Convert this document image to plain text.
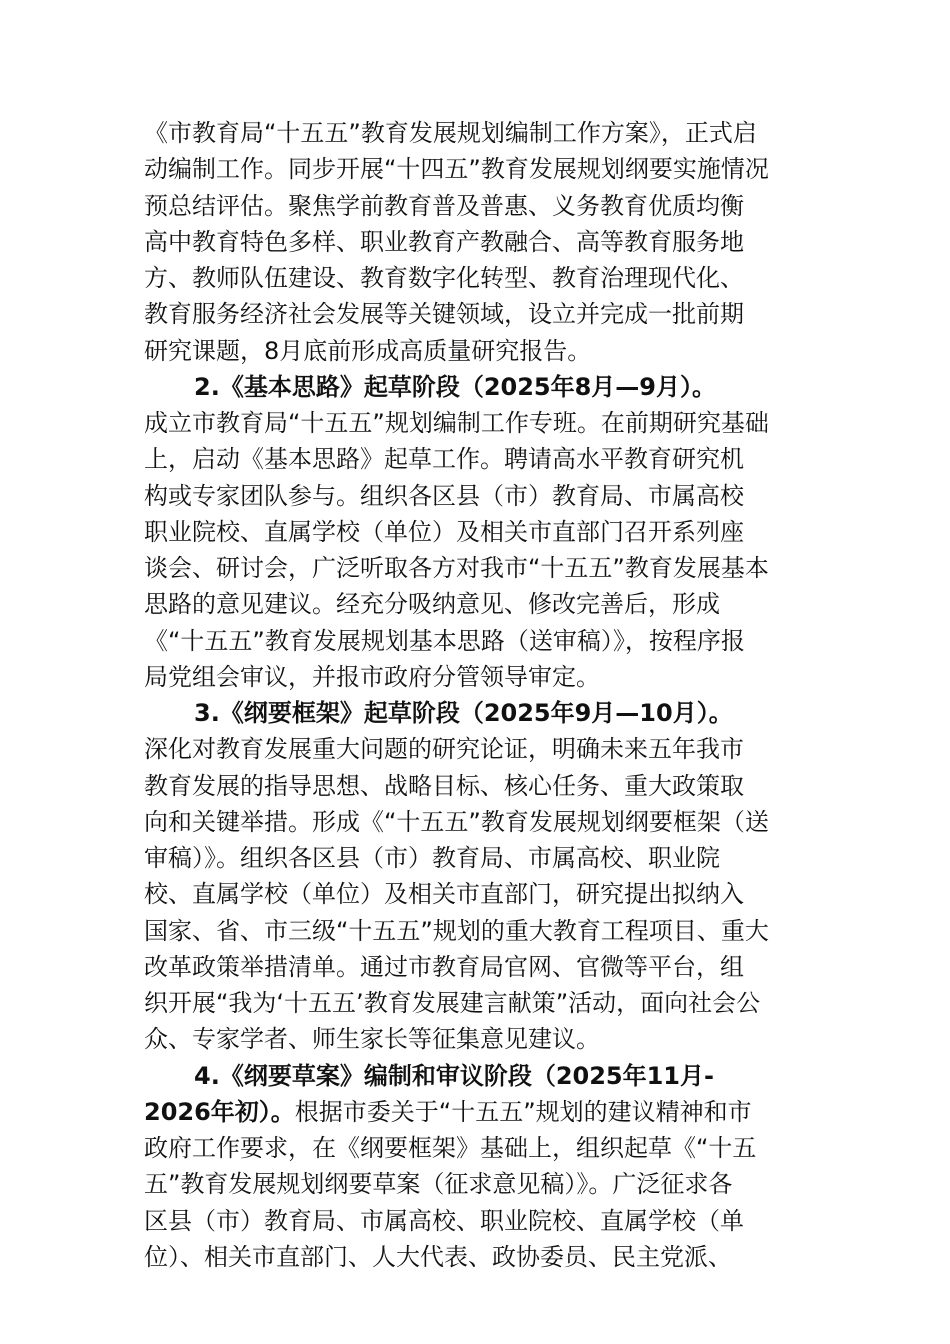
《市教育局“十五五”教育发展规划编制工作方案》，正式启
动编制工作。同步开展“十四五”教育发展规划纲要实施情况
预总结评估。聚焦学前教育普及普惠、义务教育优质均衡
高中教育特色多样、职业教育产教融合、高等教育服务地
方、教师队伍建设、教育数字化转型、教育治理现代化、
教育服务经济社会发展等关键领域，设立并完成一批前期
研究课题，8月底前形成高质量研究报告。
2.《基本思路》起草阶段（2025年8月—9月）。
成立市教育局“十五五”规划编制工作专班。在前期研究基础
上，启动《基本思路》起草工作。聘请高水平教育研究机
构或专家团队参与。组织各区县（市）教育局、市属高校
职业院校、直属学校（单位）及相关市直部门召开系列座
谈会、研讨会，广泛听取各方对我市“十五五”教育发展基本
思路的意见建议。经充分吸纳意见、修改完善后，形成
《“十五五”教育发展规划基本思路（送审稿）》，按程序报
局党组会审议，并报市政府分管领导审定。
3.《纲要框架》起草阶段（2025年9月—10月）。
深化对教育发展重大问题的研究论证，明确未来五年我市
教育发展的指导思想、战略目标、核心任务、重大政策取
向和关键举措。形成《“十五五”教育发展规划纲要框架（送
审稿）》。组织各区县（市）教育局、市属高校、职业院
校、直属学校（单位）及相关市直部门，研究提出拟纳入
国家、省、市三级“十五五”规划的重大教育工程项目、重大
改革政策举措清单。通过市教育局官网、官微等平台，组
织开展“我为‘十五五’教育发展建言献策”活动，面向社会公
众、专家学者、师生家长等征集意见建议。
4.《纲要草案》编制和审议阶段（2025年11月-
2026年初）。根据市委关于“十五五”规划的建议精神和市
政府工作要求，在《纲要框架》基础上，组织起草《“十五
五”教育发展规划纲要草案（征求意见稿）》。广泛征求各
区县（市）教育局、市属高校、职业院校、直属学校（单
位）、相关市直部门、人大代表、政协委员、民主党派、
